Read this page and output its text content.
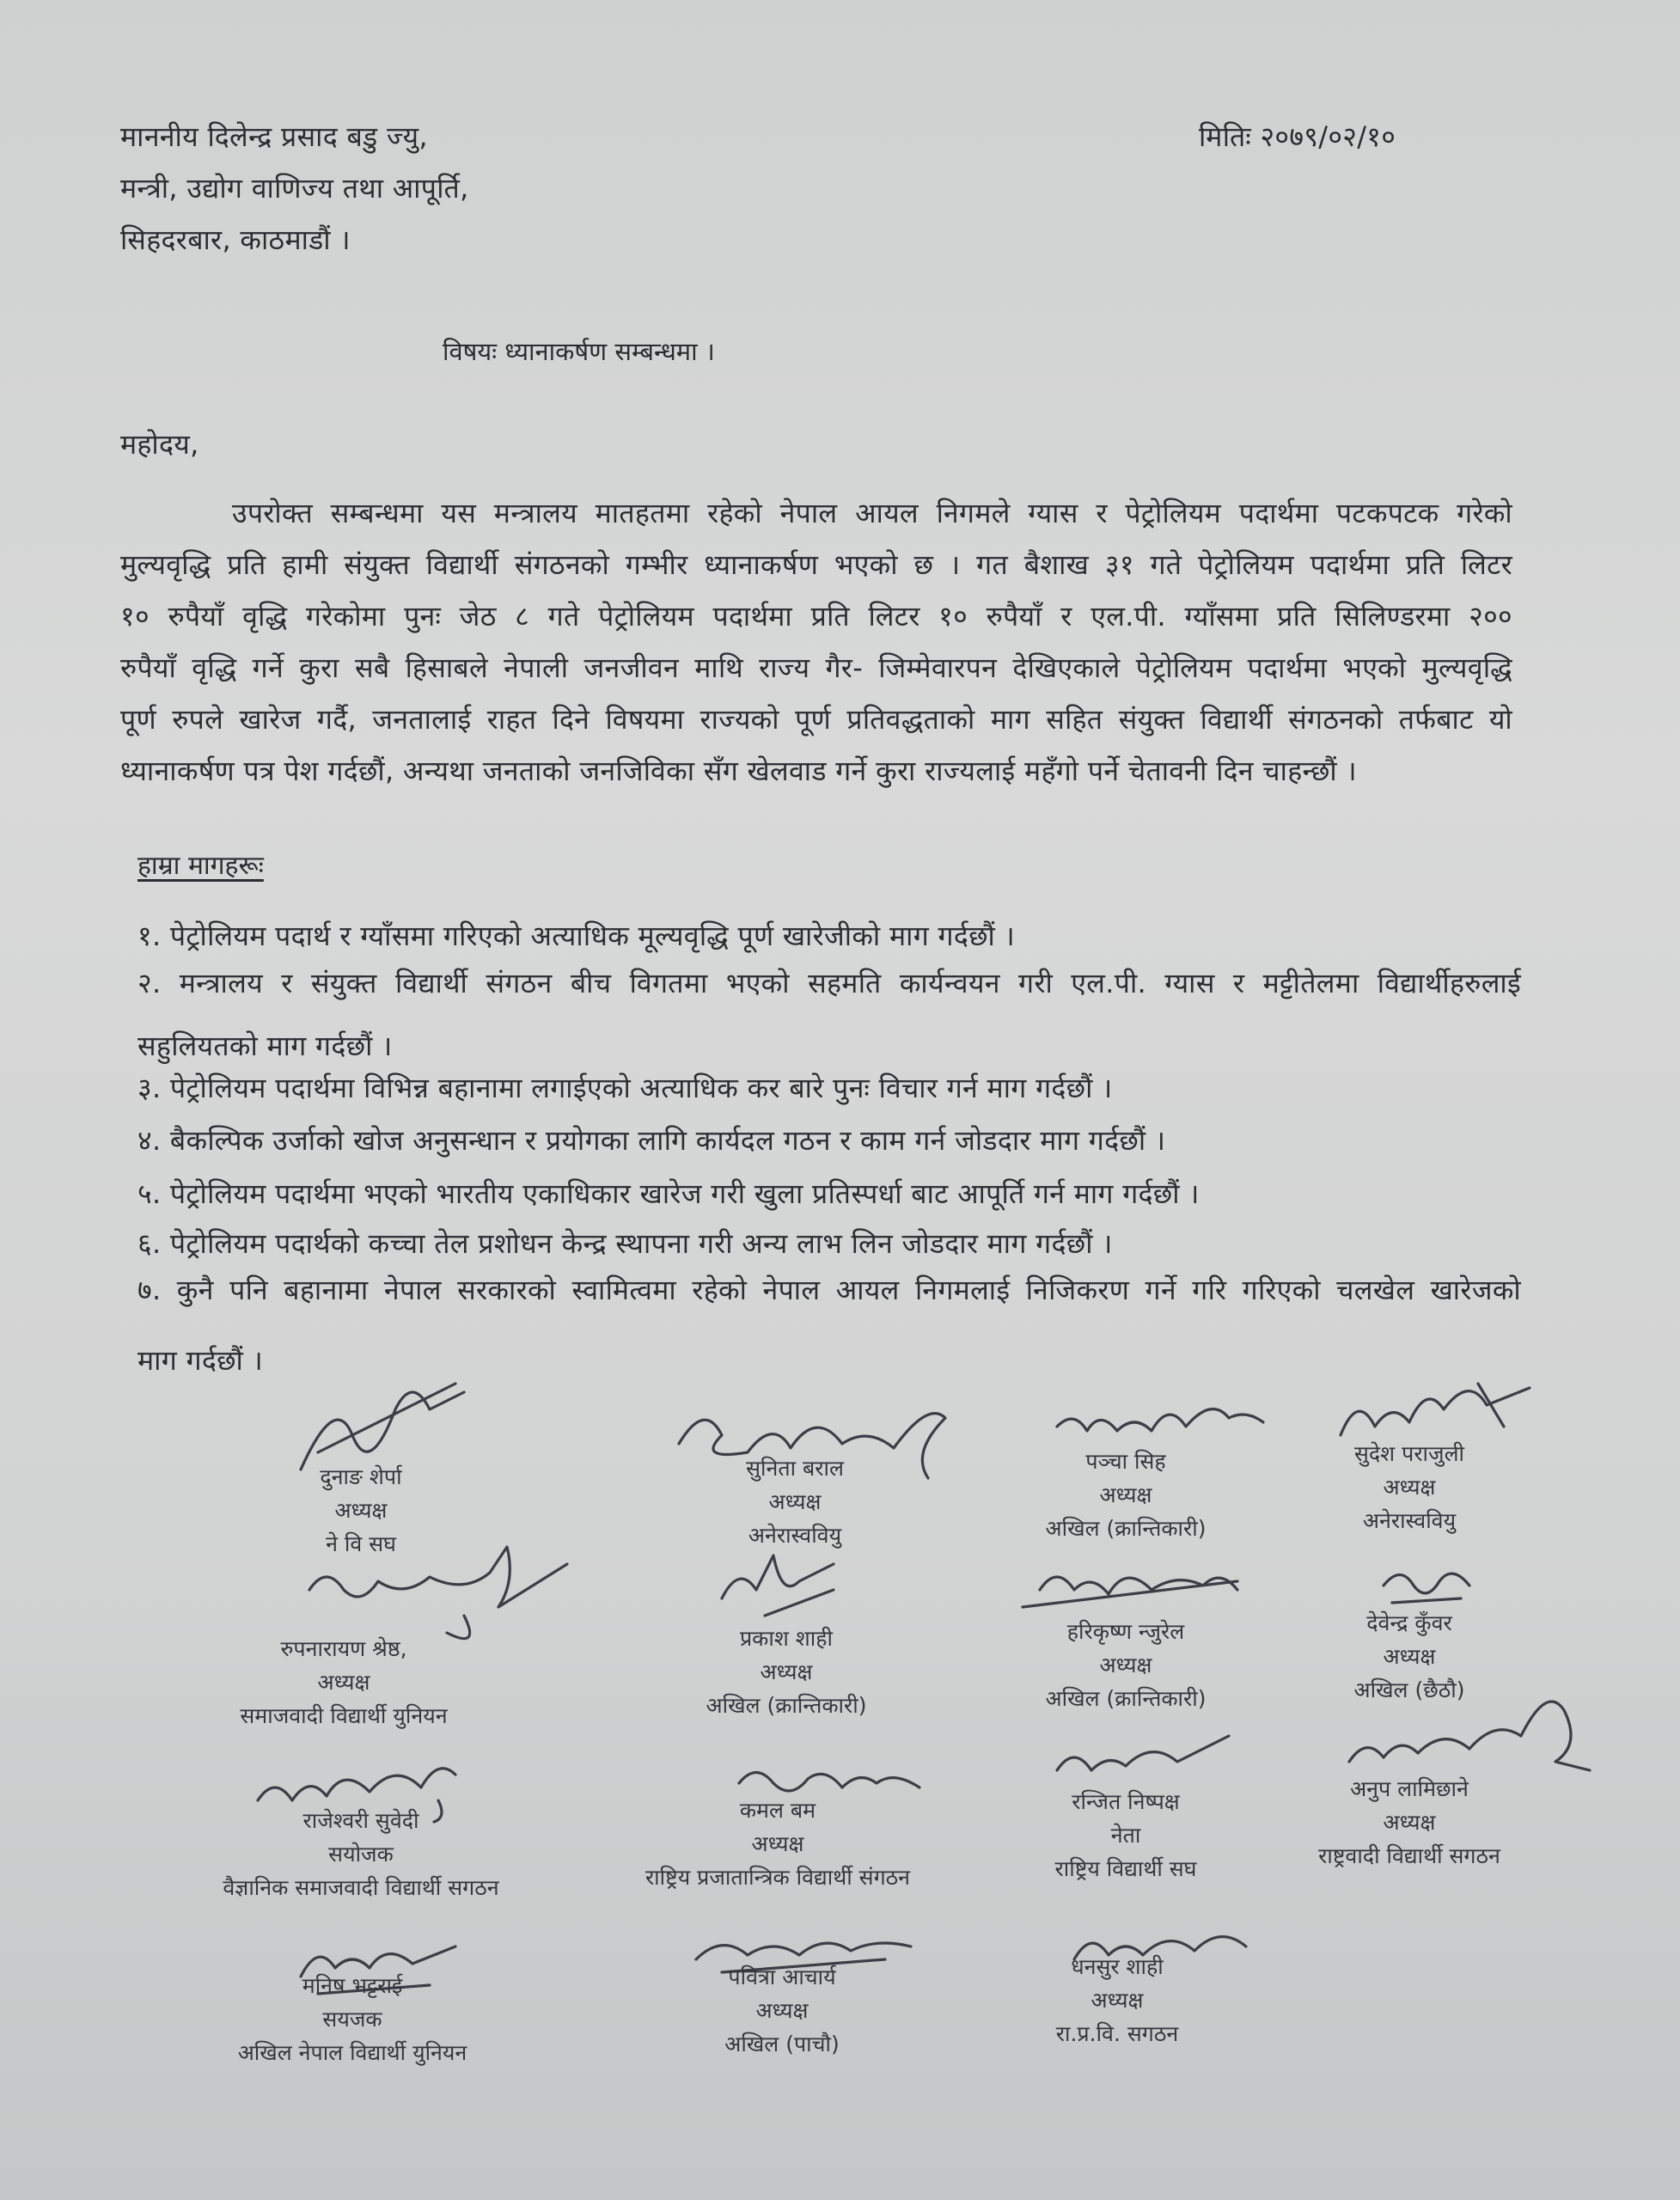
माननीय दिलेन्द्र प्रसाद बडु ज्यु,
मन्त्री, उद्योग वाणिज्य तथा आपूर्ति,
सिहदरबार, काठमाडौं ।
मितिः २०७९/०२/१०
विषयः ध्यानाकर्षण सम्बन्धमा ।
महोदय,
उपरोक्त सम्बन्धमा यस मन्त्रालय मातहतमा रहेको नेपाल आयल निगमले ग्यास र पेट्रोलियम पदार्थमा पटकपटक गरेको
मुल्यवृद्धि प्रति हामी संयुक्त विद्यार्थी संगठनको गम्भीर ध्यानाकर्षण भएको छ । गत बैशाख ३१ गते पेट्रोलियम पदार्थमा प्रति लिटर
१० रुपैयाँ वृद्धि गरेकोमा पुनः जेठ ८ गते पेट्रोलियम पदार्थमा प्रति लिटर १० रुपैयाँ र एल.पी. ग्याँसमा प्रति सिलिण्डरमा २००
रुपैयाँ वृद्धि गर्ने कुरा सबै हिसाबले नेपाली जनजीवन माथि राज्य गैर- जिम्मेवारपन देखिएकाले पेट्रोलियम पदार्थमा भएको मुल्यवृद्धि
पूर्ण रुपले खारेज गर्दै, जनतालाई राहत दिने विषयमा राज्यको पूर्ण प्रतिवद्धताको माग सहित संयुक्त विद्यार्थी संगठनको तर्फबाट यो
ध्यानाकर्षण पत्र पेश गर्दछौं, अन्यथा जनताको जनजिविका सँग खेलवाड गर्ने कुरा राज्यलाई महँगो पर्ने चेतावनी दिन चाहन्छौं ।
हाम्रा मागहरूः
१. पेट्रोलियम पदार्थ र ग्याँसमा गरिएको अत्याधिक मूल्यवृद्धि पूर्ण खारेजीको माग गर्दछौं ।
२. मन्त्रालय र संयुक्त विद्यार्थी संगठन बीच विगतमा भएको सहमति कार्यन्वयन गरी एल.पी. ग्यास र मट्टीतेलमा विद्यार्थीहरुलाई
सहुलियतको माग गर्दछौं ।
३. पेट्रोलियम पदार्थमा विभिन्न बहानामा लगाईएको अत्याधिक कर बारे पुनः विचार गर्न माग गर्दछौं ।
४. बैकल्पिक उर्जाको खोज अनुसन्धान र प्रयोगका लागि कार्यदल गठन र काम गर्न जोडदार माग गर्दछौं ।
५. पेट्रोलियम पदार्थमा भएको भारतीय एकाधिकार खारेज गरी खुला प्रतिस्पर्धा बाट आपूर्ति गर्न माग गर्दछौं ।
६. पेट्रोलियम पदार्थको कच्चा तेल प्रशोधन केन्द्र स्थापना गरी अन्य लाभ लिन जोडदार माग गर्दछौं ।
७. कुनै पनि बहानामा नेपाल सरकारको स्वामित्वमा रहेको नेपाल आयल निगमलाई निजिकरण गर्ने गरि गरिएको चलखेल खारेजको
माग गर्दछौं ।
दुनाङ शेर्पा
अध्यक्ष
ने वि सघ
सुनिता बराल
अध्यक्ष
अनेरास्ववियु
पञ्चा सिह
अध्यक्ष
अखिल (क्रान्तिकारी)
सुदेश पराजुली
अध्यक्ष
अनेरास्ववियु
रुपनारायण श्रेष्ठ,
अध्यक्ष
समाजवादी विद्यार्थी युनियन
प्रकाश शाही
अध्यक्ष
अखिल (क्रान्तिकारी)
हरिकृष्ण न्जुरेल
अध्यक्ष
अखिल (क्रान्तिकारी)
देवेन्द्र कुँवर
अध्यक्ष
अखिल (छैठौ)
राजेश्वरी सुवेदी
सयोजक
वैज्ञानिक समाजवादी विद्यार्थी सगठन
कमल बम
अध्यक्ष
राष्ट्रिय प्रजातान्त्रिक विद्यार्थी संगठन
रन्जित निष्पक्ष
नेता
राष्ट्रिय विद्यार्थी सघ
अनुप लामिछाने
अध्यक्ष
राष्ट्रवादी विद्यार्थी सगठन
मनिष भट्टराई
सयजक
अखिल नेपाल विद्यार्थी युनियन
पवित्रा आचार्य
अध्यक्ष
अखिल (पाचौ)
धनसुर शाही
अध्यक्ष
रा.प्र.वि. सगठन
